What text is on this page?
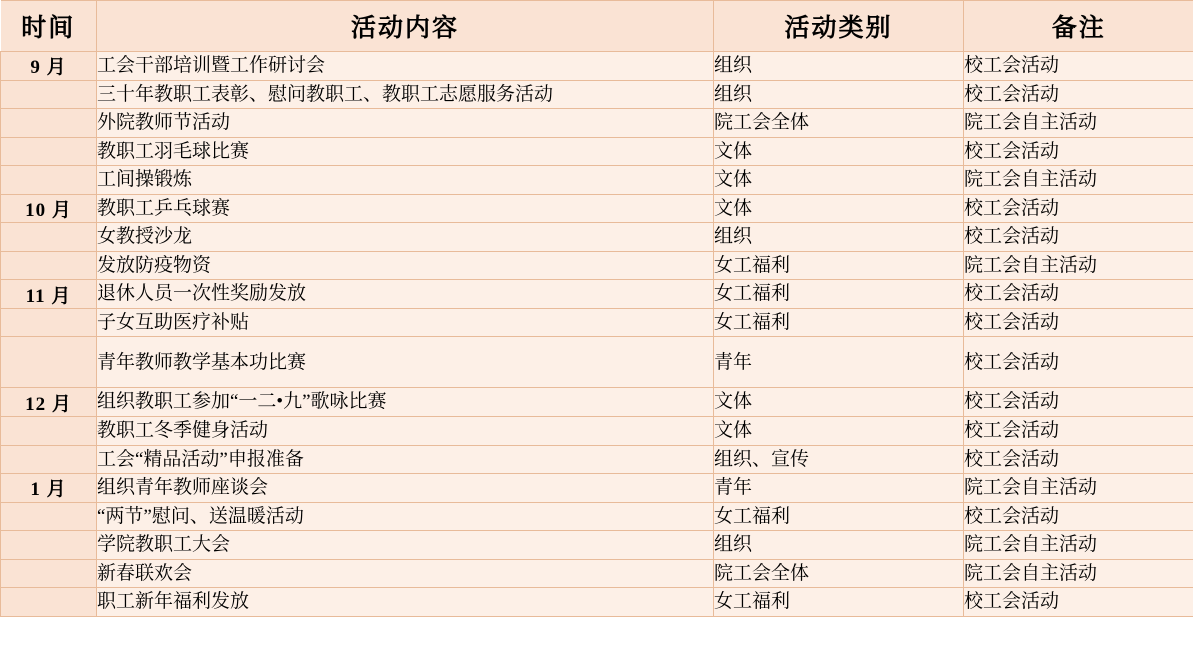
时间	活动内容	活动类别	备注
9 月	工会干部培训暨工作研讨会	组织	校工会活动
	三十年教职工表彰、慰问教职工、教职工志愿服务活动	组织	校工会活动
	外院教师节活动	院工会全体	院工会自主活动
	教职工羽毛球比赛	文体	校工会活动
	工间操锻炼	文体	院工会自主活动
10 月	教职工乒乓球赛	文体	校工会活动
	女教授沙龙	组织	校工会活动
	发放防疫物资	女工福利	院工会自主活动
11 月	退休人员一次性奖励发放	女工福利	校工会活动
	子女互助医疗补贴	女工福利	校工会活动
	青年教师教学基本功比赛	青年	校工会活动
12 月	组织教职工参加“一二•九”歌咏比赛	文体	校工会活动
	教职工冬季健身活动	文体	校工会活动
	工会“精品活动”申报准备	组织、宣传	校工会活动
1 月	组织青年教师座谈会	青年	院工会自主活动
	“两节”慰问、送温暖活动	女工福利	校工会活动
	学院教职工大会	组织	院工会自主活动
	新春联欢会	院工会全体	院工会自主活动
	职工新年福利发放	女工福利	校工会活动
